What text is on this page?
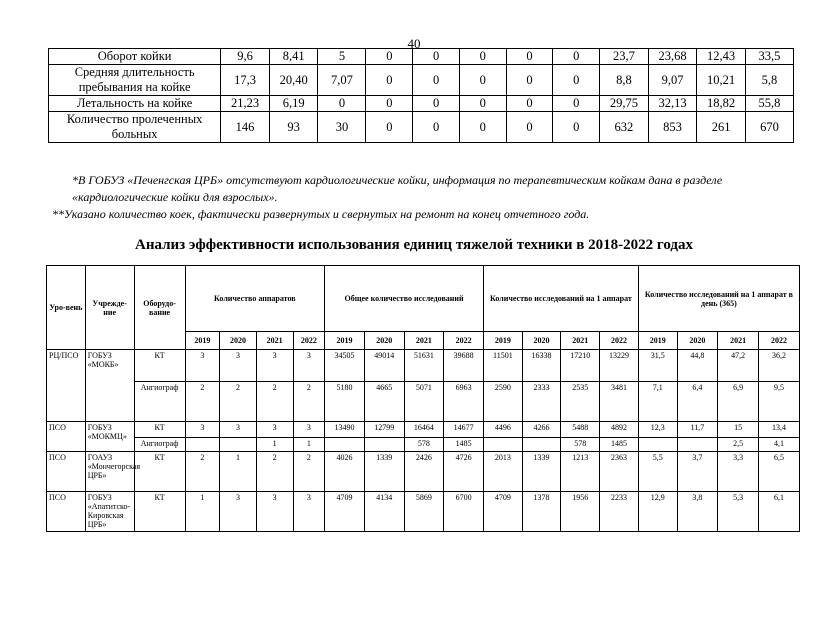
40
Оборот койки	9,6	8,41	5	0	0	0	0	0	23,7	23,68	12,43	33,5
Средняя длительность пребывания на койке	17,3	20,40	7,07	0	0	0	0	0	8,8	9,07	10,21	5,8
Летальность на койке	21,23	6,19	0	0	0	0	0	0	29,75	32,13	18,82	55,8
Количество пролеченных больных	146	93	30	0	0	0	0	0	632	853	261	670
*В ГОБУЗ «Печенгская ЦРБ» отсутствуют кардиологические койки, информация по терапевтическим койкам дана в разделе «кардиологические койки для взрослых».
**Указано количество коек, фактически развернутых и свернутых на ремонт на конец отчетного года.
Анализ эффективности использования единиц тяжелой техники в 2018-2022 годах
Уро-вень	Учрежде-ние	Оборудо-вание	Количество аппаратов				Общее количество исследований				Количество исследований на 1 аппарат				Количество исследований на 1 аппарат в день (365)			
			2019	2020	2021	2022	2019	2020	2021	2022	2019	2020	2021	2022	2019	2020	2021	2022
РЦ/ПСО	ГОБУЗ «МОКБ»	КТ	3	3	3	3	34505	49014	51631	39688	11501	16338	17210	13229	31,5	44,8	47,2	36,2
		Ангиограф	2	2	2	2	5180	4665	5071	6963	2590	2333	2535	3481	7,1	6,4	6,9	9,5
ПСО	ГОБУЗ «МОКМЦ»	КТ	3	3	3	3	13490	12799	16464	14677	4496	4266	5488	4892	12,3	11,7	15	13,4
		Ангиограф			1	1			578	1485			578	1485			2,5	4,1
ПСО	ГОАУЗ «Мончегорская ЦРБ»	КТ	2	1	2	2	4026	1339	2426	4726	2013	1339	1213	2363	5,5	3,7	3,3	6,5
ПСО	ГОБУЗ «Апатитско-Кировская ЦРБ»	КТ	1	3	3	3	4709	4134	5869	6700	4709	1378	1956	2233	12,9	3,8	5,3	6,1
